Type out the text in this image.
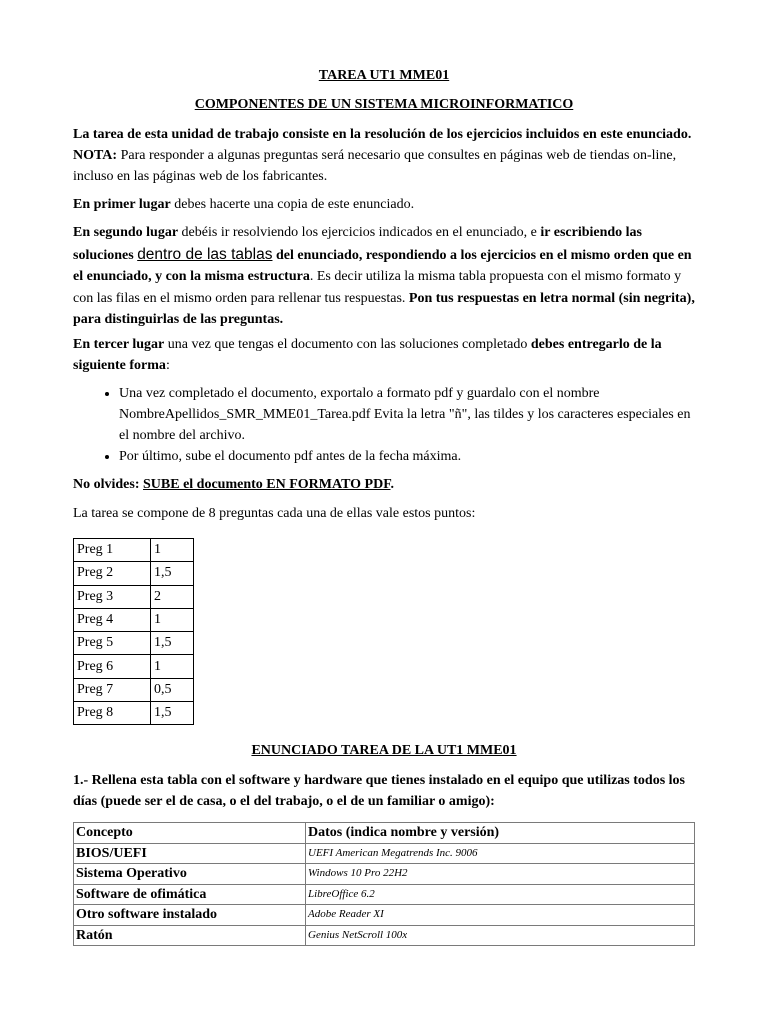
TAREA UT1 MME01
COMPONENTES DE UN SISTEMA MICROINFORMATICO

La tarea de esta unidad de trabajo consiste en la resolución de los ejercicios incluidos en este enunciado. NOTA: Para responder a algunas preguntas será necesario que consultes en páginas web de tiendas on-line, incluso en las páginas web de los fabricantes.

En primer lugar debes hacerte una copia de este enunciado.

En segundo lugar debéis ir resolviendo los ejercicios indicados en el enunciado, e ir escribiendo las soluciones dentro de las tablas del enunciado, respondiendo a los ejercicios en el mismo orden que en el enunciado, y con la misma estructura. Es decir utiliza la misma tabla propuesta con el mismo formato y con las filas en el mismo orden para rellenar tus respuestas. Pon tus respuestas en letra normal (sin negrita), para distinguirlas de las preguntas.

En tercer lugar una vez que tengas el documento con las soluciones completado debes entregarlo de la siguiente forma:

• Una vez completado el documento, exportalo a formato pdf y guardalo con el nombre NombreApellidos_SMR_MME01_Tarea.pdf Evita la letra "ñ", las tildes y los caracteres especiales en el nombre del archivo.
• Por último, sube el documento pdf antes de la fecha máxima.

No olvides: SUBE el documento EN FORMATO PDF.

La tarea se compone de 8 preguntas cada una de ellas vale estos puntos:

Preg 1	1
Preg 2	1,5
Preg 3	2
Preg 4	1
Preg 5	1,5
Preg 6	1
Preg 7	0,5
Preg 8	1,5
ENUNCIADO TAREA DE LA UT1 MME01

1.- Rellena esta tabla con el software y hardware que tienes instalado en el equipo que utilizas todos los días (puede ser el de casa, o el del trabajo, o el de un familiar o amigo):

Concepto	Datos (indica nombre y versión)
BIOS/UEFI	UEFI American Megatrends Inc. 9006
Sistema Operativo	Windows 10 Pro 22H2
Software de ofimática	LibreOffice 6.2
Otro software instalado	Adobe Reader XI
Ratón	Genius NetScroll 100x
